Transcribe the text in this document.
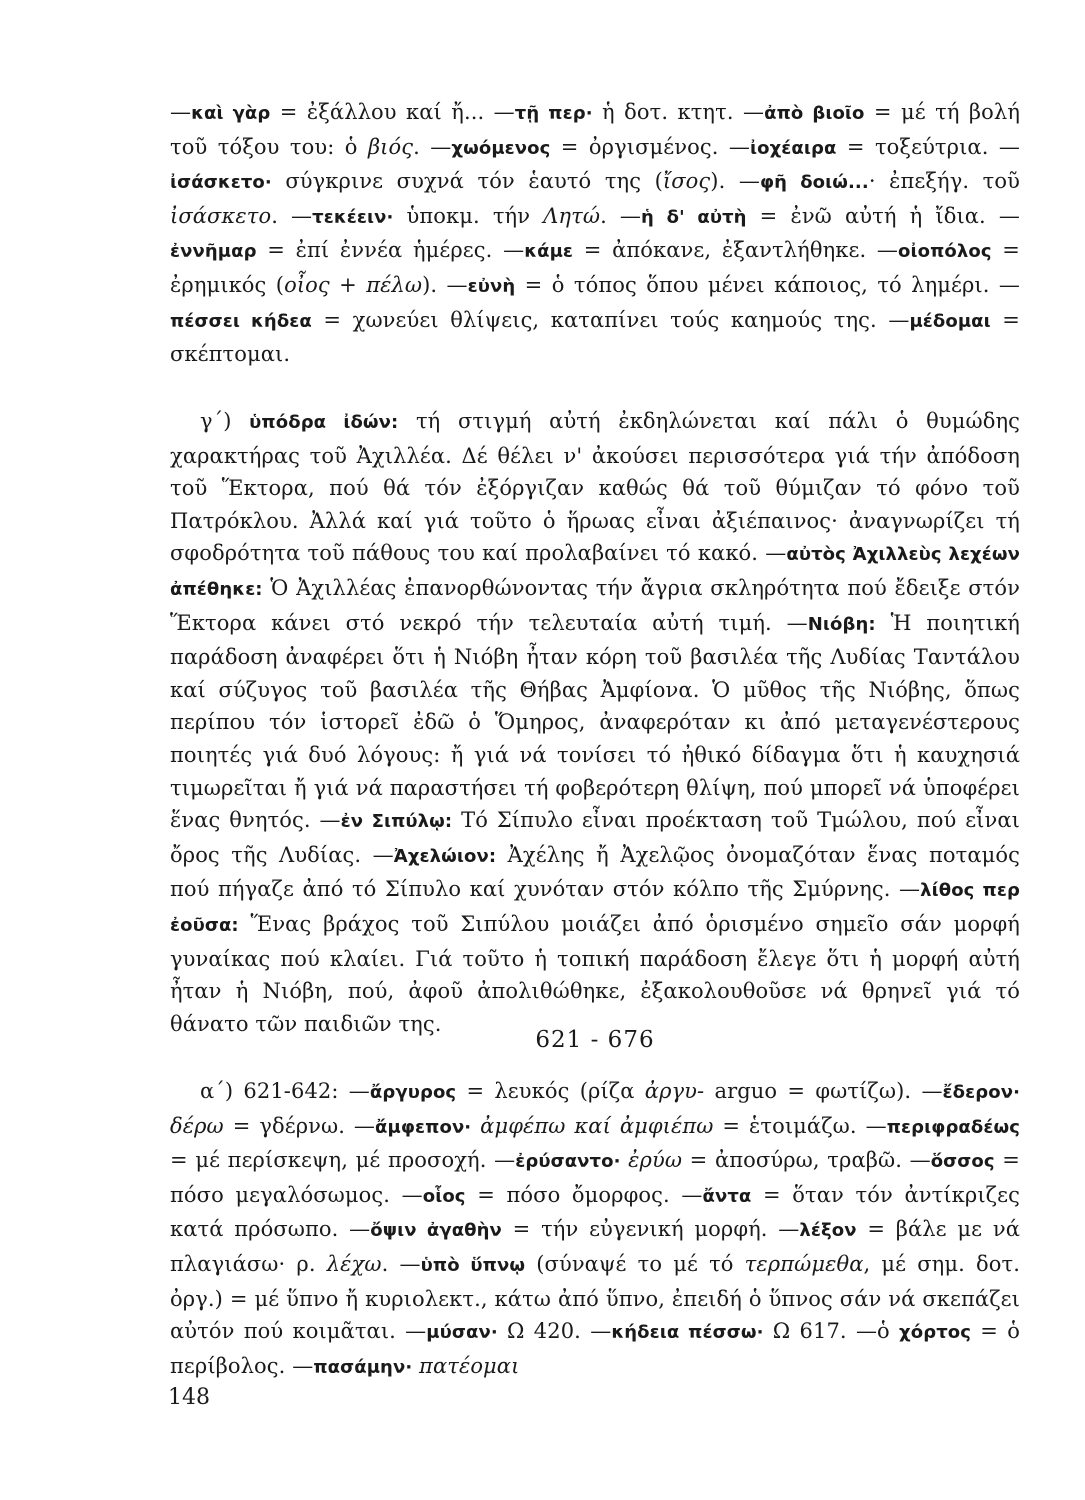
—καὶ γὰρ = ἐξάλλου καί ἤ... —τῇ περ· ἡ δοτ. κτητ. —ἀπὸ βιοῖο = μέ τή βολή τοῦ τόξου του: ὁ βιός. —χωόμενος = ὀργισμένος. —ἰοχέαιρα = τοξεύτρια. —ἰσάσκετο· σύγκρινε συχνά τόν ἑαυτό της (ἴσος). —φῆ δοιώ...· ἐπεξήγ. τοῦ ἰσάσκετο. —τεκέειν· ὑποκμ. τήν Λητώ. —ἡ δ' αὐτὴ = ἐνῶ αὐτή ἡ ἴδια. —ἐννῆμαρ = ἐπί ἐννέα ἡμέρες. —κάμε = ἀπόκανε, ἐξαντλήθηκε. —οἰοπόλος = ἐρημικός (οἶος + πέλω). —εὐνὴ = ὁ τόπος ὅπου μένει κάποιος, τό λημέρι. —πέσσει κήδεα = χωνεύει θλίψεις, καταπίνει τούς καημούς της. —μέδομαι = σκέπτομαι.
γ΄) ὑπόδρα ἰδών: τή στιγμή αὐτή ἐκδηλώνεται καί πάλι ὁ θυμώδης χαρακτήρας τοῦ Ἀχιλλέα. Δέ θέλει ν' ἀκούσει περισσότερα γιά τήν ἀπόδοση τοῦ Ἕκτορα, πού θά τόν ἐξόργιζαν καθώς θά τοῦ θύμιζαν τό φόνο τοῦ Πατρόκλου. Ἀλλά καί γιά τοῦτο ὁ ἥρωας εἶναι ἀξιέπαινος· ἀναγνωρίζει τή σφοδρότητα τοῦ πάθους του καί προλαβαίνει τό κακό. —αὐτὸς Ἀχιλλεὺς λεχέων ἀπέθηκε: Ὁ Ἀχιλλέας ἐπανορθώνοντας τήν ἄγρια σκληρότητα πού ἔδειξε στόν Ἕκτορα κάνει στό νεκρό τήν τελευταία αὐτή τιμή. —Νιόβη: Ἡ ποιητική παράδοση ἀναφέρει ὅτι ἡ Νιόβη ἦταν κόρη τοῦ βασιλέα τῆς Λυδίας Ταντάλου καί σύζυγος τοῦ βασιλέα τῆς Θήβας Ἀμφίονα. Ὁ μῦθος τῆς Νιόβης, ὅπως περίπου τόν ἱστορεῖ ἐδῶ ὁ Ὅμηρος, ἀναφερόταν κι ἀπό μεταγενέστερους ποιητές γιά δυό λόγους: ἤ γιά νά τονίσει τό ἠθικό δίδαγμα ὅτι ἡ καυχησιά τιμωρεῖται ἤ γιά νά παραστήσει τή φοβερότερη θλίψη, πού μπορεῖ νά ὑποφέρει ἕνας θνητός. —ἐν Σιπύλῳ: Τό Σίπυλο εἶναι προέκταση τοῦ Τμώλου, πού εἶναι ὄρος τῆς Λυδίας. —Ἀχελώιον: Ἀχέλης ἤ Ἀχελῷος ὀνομαζόταν ἕνας ποταμός πού πήγαζε ἀπό τό Σίπυλο καί χυνόταν στόν κόλπο τῆς Σμύρνης. —λίθος περ ἐοῦσα: Ἕνας βράχος τοῦ Σιπύλου μοιάζει ἀπό ὁρισμένο σημεῖο σάν μορφή γυναίκας πού κλαίει. Γιά τοῦτο ἡ τοπική παράδοση ἔλεγε ὅτι ἡ μορφή αὐτή ἦταν ἡ Νιόβη, πού, ἀφοῦ ἀπολιθώθηκε, ἐξακολουθοῦσε νά θρηνεῖ γιά τό θάνατο τῶν παιδιῶν της.
621 - 676
α΄) 621-642: —ἄργυρος = λευκός (ρίζα ἀργυ- arguo = φωτίζω). —ἔδερον· δέρω = γδέρνω. —ἄμφεπον· ἀμφέπω καί ἀμφιέπω = ἑτοιμάζω. —περιφραδέως = μέ περίσκεψη, μέ προσοχή. —ἐρύσαντο· ἐρύω = ἀποσύρω, τραβῶ. —ὅσσος = πόσο μεγαλόσωμος. —οἷος = πόσο ὄμορφος. —ἄντα = ὅταν τόν ἀντίκριζες κατά πρόσωπο. —ὄψιν ἀγαθὴν = τήν εὐγενική μορφή. —λέξον = βάλε με νά πλαγιάσω· ρ. λέχω. —ὑπὸ ὕπνῳ (σύναψέ το μέ τό τερπώμεθα, μέ σημ. δοτ. ὀργ.) = μέ ὕπνο ἤ κυριολεκτ., κάτω ἀπό ὕπνο, ἐπειδή ὁ ὕπνος σάν νά σκεπάζει αὐτόν πού κοιμᾶται. —μύσαν· Ω 420. —κήδεια πέσσω· Ω 617. —ὁ χόρτος = ὁ περίβολος. —πασάμην· πατέομαι
148
